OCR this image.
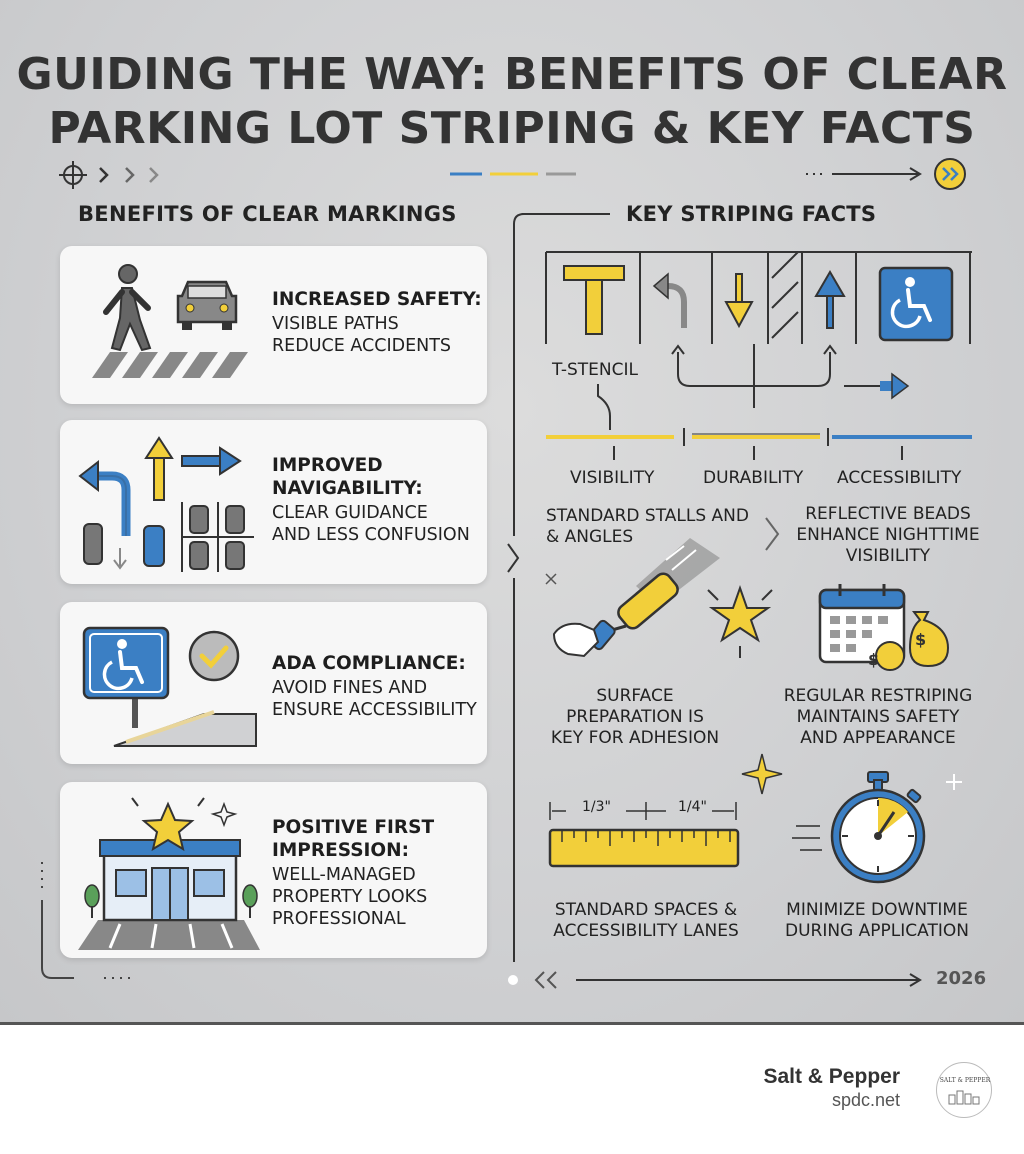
GUIDING THE WAY: BENEFITS OF CLEAR
PARKING LOT STRIPING & KEY FACTS
BENEFITS OF CLEAR MARKINGS
INCREASED SAFETY:
VISIBLE PATHS
REDUCE ACCIDENTS
IMPROVED
NAVIGABILITY:
CLEAR GUIDANCE
AND LESS CONFUSION
ADA COMPLIANCE:
AVOID FINES AND
ENSURE ACCESSIBILITY
POSITIVE FIRST
IMPRESSION:
WELL-MANAGED
PROPERTY LOOKS
PROFESSIONAL
KEY STRIPING FACTS
T-STENCIL
VISIBILITY	DURABILITY ACCESSIBILITY
STANDARD STALLS AND
& ANGLES
REFLECTIVE BEADS
ENHANCE NIGHTTIME
VISIBILITY
$
$
SURFACE
PREPARATION IS
KEY FOR ADHESION
REGULAR RESTRIPING
MAINTAINS SAFETY
AND APPEARANCE
1/3"	1/4"
STANDARD SPACES &
ACCESSIBILITY LANES
MINIMIZE DOWNTIME
DURING APPLICATION
2026
Salt & Pepper
spdc.net
SALT & PEPPER
